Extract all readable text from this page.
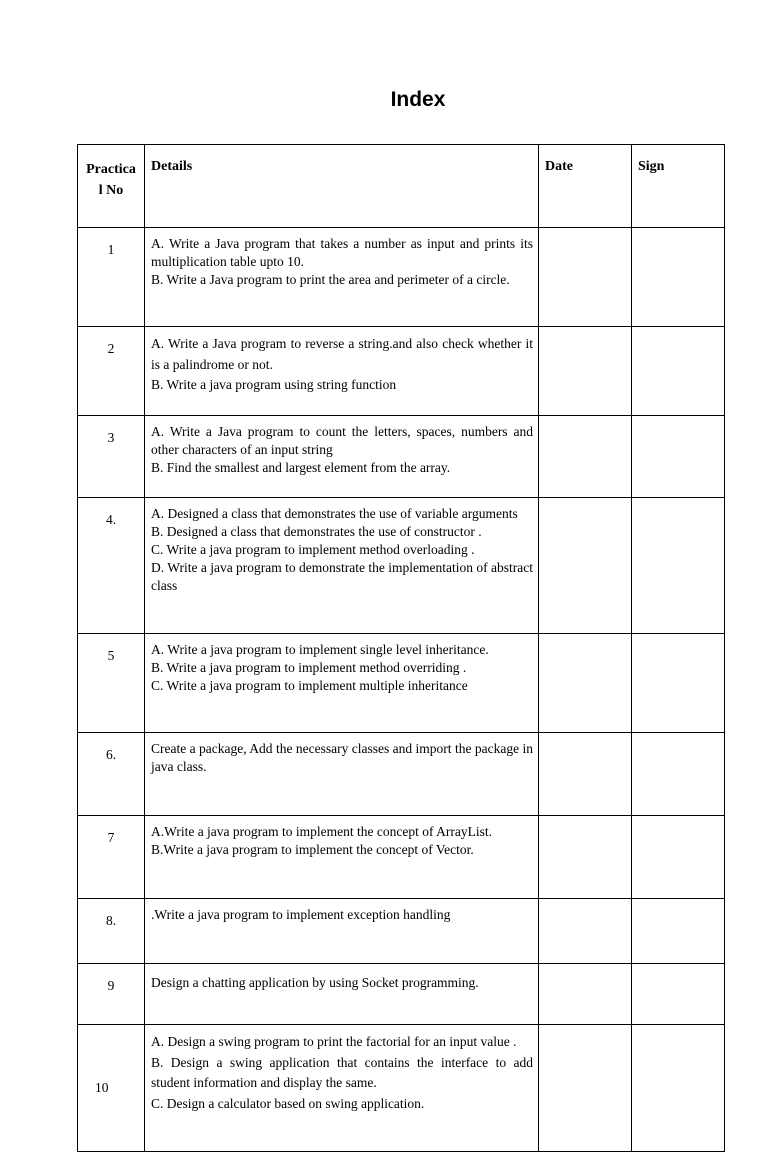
Index
Practica
l No	Details	Date	Sign
1	A. Write a Java program that takes a number as input and prints its multiplication table upto 10.
B. Write a Java program to print the area and perimeter of a circle.		

2	A. Write a Java program to reverse a string.and also check whether it is a palindrome or not.
B. Write a java program using string function		

3	A. Write a Java program to count the letters, spaces, numbers and other characters of an input string
B. Find the smallest and largest element from the array.		

4.	A. Designed a class that demonstrates the use of variable arguments
B. Designed a class that demonstrates the use of constructor .
C. Write a java program to implement method overloading .
D. Write a java program to demonstrate the implementation of abstract class		

5	A. Write a java program to implement single level inheritance.
B. Write a java program to implement method overriding .
C. Write a java program to implement multiple inheritance		

6.	Create a package, Add the necessary classes and import the package in java class.		

7	A.Write a java program to implement the concept of ArrayList.
B.Write a java program to implement the concept of Vector.		

8.	.Write a java program to implement exception handling		

9	Design a chatting application by using Socket programming.		

10	A. Design a swing program to print the factorial for an input value .
B. Design a swing application that contains the interface to add student information and display the same.
C. Design a calculator based on swing application.		
